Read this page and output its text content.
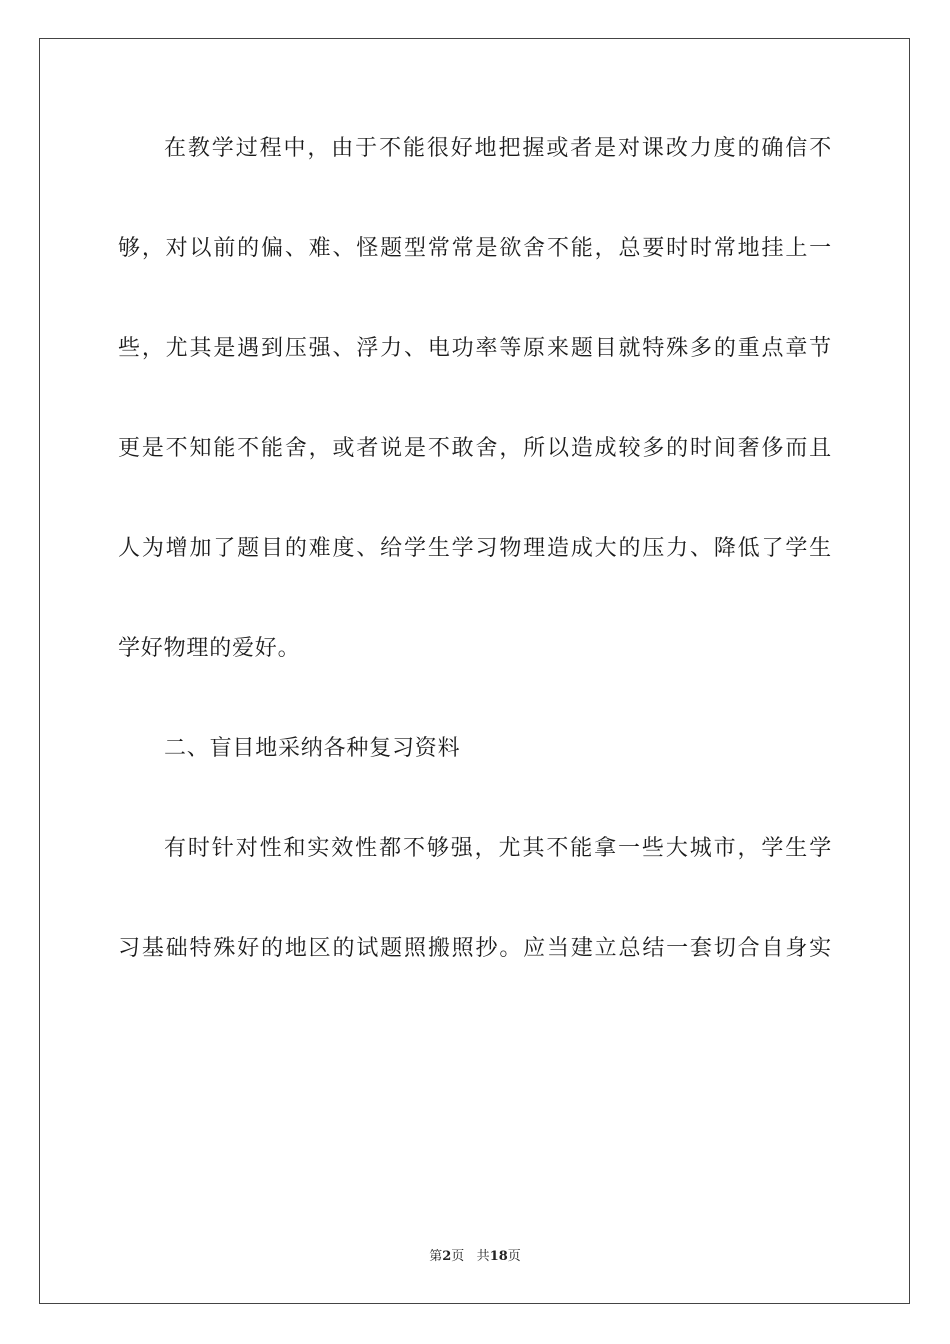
在教学过程中，由于不能很好地把握或者是对课改力度的确信不
够，对以前的偏、难、怪题型常常是欲舍不能，总要时时常地挂上一
些，尤其是遇到压强、浮力、电功率等原来题目就特殊多的重点章节
更是不知能不能舍，或者说是不敢舍，所以造成较多的时间奢侈而且
人为增加了题目的难度、给学生学习物理造成大的压力、降低了学生
学好物理的爱好。
二、盲目地采纳各种复习资料
有时针对性和实效性都不够强，尤其不能拿一些大城市，学生学
习基础特殊好的地区的试题照搬照抄。应当建立总结一套切合自身实
第2页 共18页
